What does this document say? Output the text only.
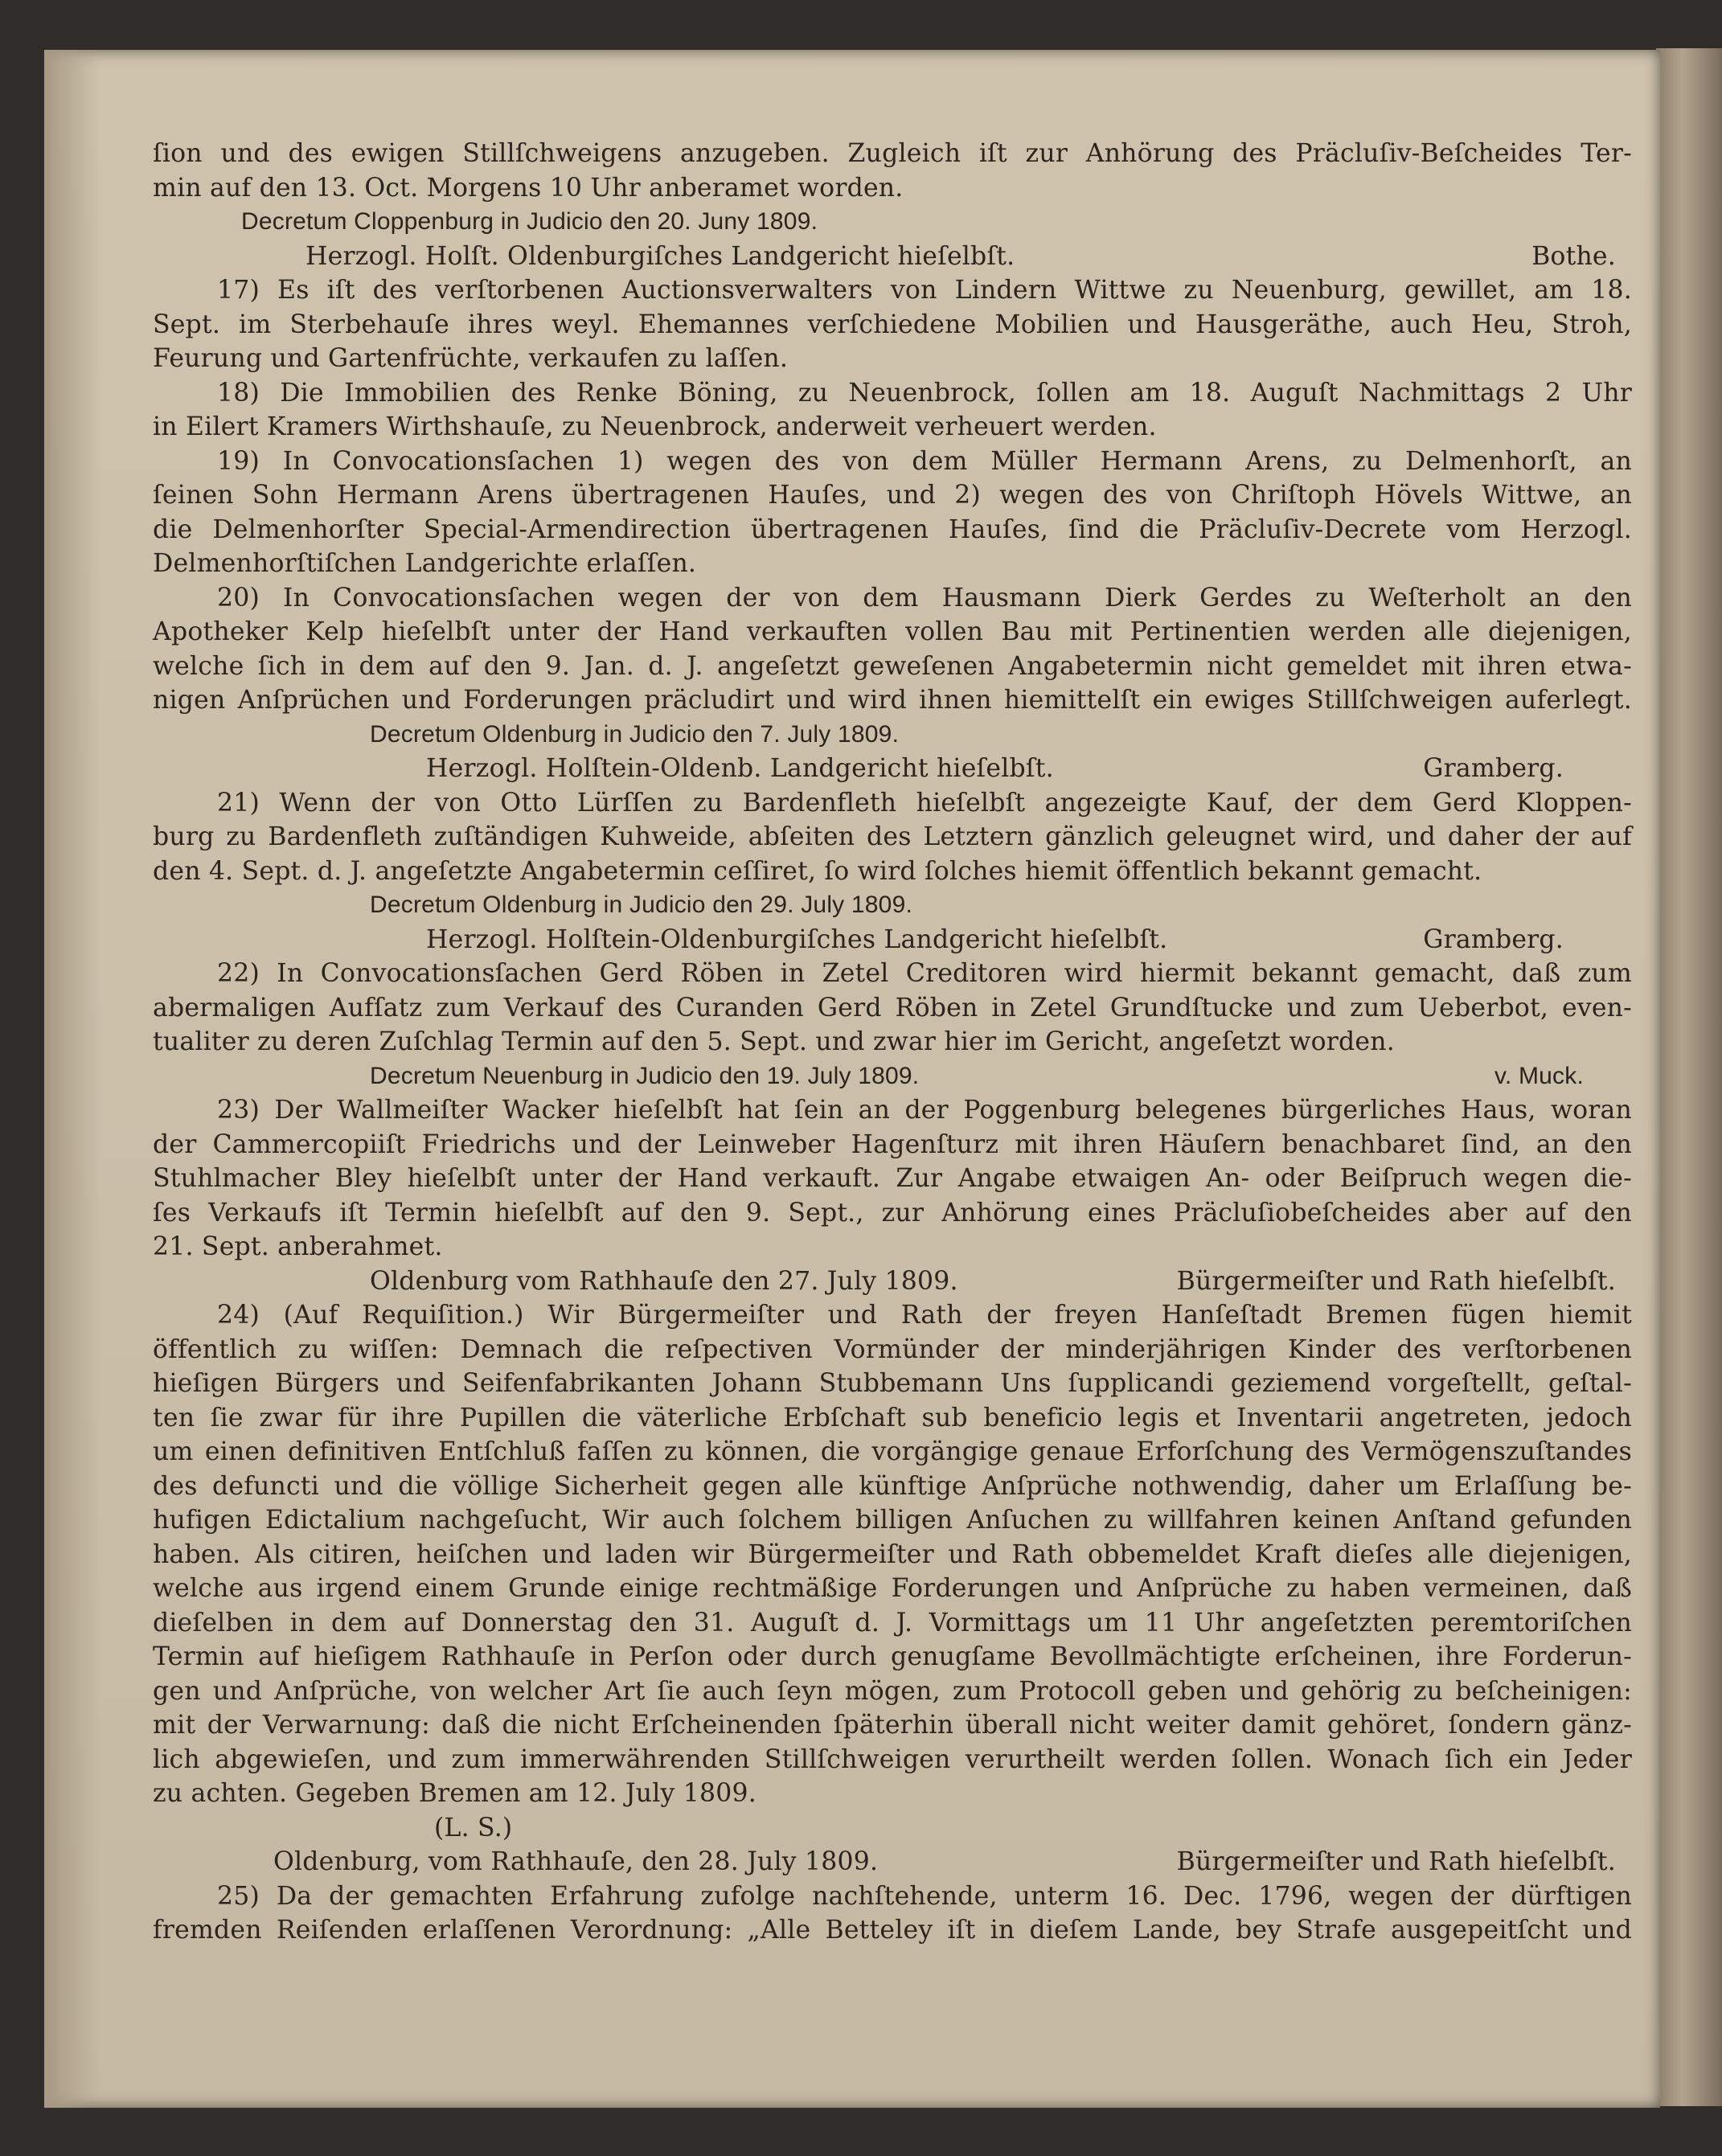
ſion und des ewigen Stillſchweigens anzugeben. Zugleich iſt zur Anhörung des Präcluſiv-Beſcheides Ter-
min auf den 13. Oct. Morgens 10 Uhr anberamet worden.
Decretum Cloppenburg in Judicio den 20. Juny 1809.
Herzogl. Holſt. Oldenburgiſches Landgericht hieſelbſt.	Bothe.
17) Es iſt des verſtorbenen Auctionsverwalters von Lindern Wittwe zu Neuenburg, gewillet, am 18.
Sept. im Sterbehauſe ihres weyl. Ehemannes verſchiedene Mobilien und Hausgeräthe, auch Heu, Stroh,
Feurung und Gartenfrüchte, verkaufen zu laſſen.
18) Die Immobilien des Renke Böning, zu Neuenbrock, ſollen am 18. Auguſt Nachmittags 2 Uhr
in Eilert Kramers Wirthshauſe, zu Neuenbrock, anderweit verheuert werden.
19) In Convocationsſachen 1) wegen des von dem Müller Hermann Arens, zu Delmenhorſt, an
ſeinen Sohn Hermann Arens übertragenen Hauſes, und 2) wegen des von Chriſtoph Hövels Wittwe, an
die Delmenhorſter Special-Armendirection übertragenen Hauſes, ſind die Präcluſiv-Decrete vom Herzogl.
Delmenhorſtiſchen Landgerichte erlaſſen.
20) In Convocationsſachen wegen der von dem Hausmann Dierk Gerdes zu Weſterholt an den
Apotheker Kelp hieſelbſt unter der Hand verkauften vollen Bau mit Pertinentien werden alle diejenigen,
welche ſich in dem auf den 9. Jan. d. J. angeſetzt geweſenen Angabetermin nicht gemeldet mit ihren etwa-
nigen Anſprüchen und Forderungen präcludirt und wird ihnen hiemittelſt ein ewiges Stillſchweigen auferlegt.
Decretum Oldenburg in Judicio den 7. July 1809.
Herzogl. Holſtein-Oldenb. Landgericht hieſelbſt.	Gramberg.
21) Wenn der von Otto Lürſſen zu Bardenfleth hieſelbſt angezeigte Kauf, der dem Gerd Kloppen-
burg zu Bardenfleth zuſtändigen Kuhweide, abſeiten des Letztern gänzlich geleugnet wird, und daher der auf
den 4. Sept. d. J. angeſetzte Angabetermin ceſſiret, ſo wird ſolches hiemit öffentlich bekannt gemacht.
Decretum Oldenburg in Judicio den 29. July 1809.
Herzogl. Holſtein-Oldenburgiſches Landgericht hieſelbſt.	Gramberg.
22) In Convocationsſachen Gerd Röben in Zetel Creditoren wird hiermit bekannt gemacht, daß zum
abermaligen Aufſatz zum Verkauf des Curanden Gerd Röben in Zetel Grundſtucke und zum Ueberbot, even-
tualiter zu deren Zuſchlag Termin auf den 5. Sept. und zwar hier im Gericht, angeſetzt worden.
Decretum Neuenburg in Judicio den 19. July 1809.	v. Muck.
23) Der Wallmeiſter Wacker hieſelbſt hat ſein an der Poggenburg belegenes bürgerliches Haus, woran
der Cammercopiiſt Friedrichs und der Leinweber Hagenſturz mit ihren Häuſern benachbaret ſind, an den
Stuhlmacher Bley hieſelbſt unter der Hand verkauft. Zur Angabe etwaigen An- oder Beiſpruch wegen die-
ſes Verkaufs iſt Termin hieſelbſt auf den 9. Sept., zur Anhörung eines Präcluſiobeſcheides aber auf den
21. Sept. anberahmet.
Oldenburg vom Rathhauſe den 27. July 1809.	Bürgermeiſter und Rath hieſelbſt.
24) (Auf Requiſition.) Wir Bürgermeiſter und Rath der freyen Hanſeſtadt Bremen fügen hiemit
öffentlich zu wiſſen: Demnach die reſpectiven Vormünder der minderjährigen Kinder des verſtorbenen
hieſigen Bürgers und Seifenfabrikanten Johann Stubbemann Uns ſupplicandi geziemend vorgeſtellt, geſtal-
ten ſie zwar für ihre Pupillen die väterliche Erbſchaft sub beneficio legis et Inventarii angetreten, jedoch
um einen definitiven Entſchluß faſſen zu können, die vorgängige genaue Erforſchung des Vermögenszuſtandes
des defuncti und die völlige Sicherheit gegen alle künftige Anſprüche nothwendig, daher um Erlaſſung be-
hufigen Edictalium nachgeſucht, Wir auch ſolchem billigen Anſuchen zu willfahren keinen Anſtand gefunden
haben. Als citiren, heiſchen und laden wir Bürgermeiſter und Rath obbemeldet Kraft dieſes alle diejenigen,
welche aus irgend einem Grunde einige rechtmäßige Forderungen und Anſprüche zu haben vermeinen, daß
dieſelben in dem auf Donnerstag den 31. Auguſt d. J. Vormittags um 11 Uhr angeſetzten peremtoriſchen
Termin auf hieſigem Rathhauſe in Perſon oder durch genugſame Bevollmächtigte erſcheinen, ihre Forderun-
gen und Anſprüche, von welcher Art ſie auch ſeyn mögen, zum Protocoll geben und gehörig zu beſcheinigen:
mit der Verwarnung: daß die nicht Erſcheinenden ſpäterhin überall nicht weiter damit gehöret, ſondern gänz-
lich abgewieſen, und zum immerwährenden Stillſchweigen verurtheilt werden ſollen. Wonach ſich ein Jeder
zu achten. Gegeben Bremen am 12. July 1809.
(L. S.)
Oldenburg, vom Rathhauſe, den 28. July 1809.	Bürgermeiſter und Rath hieſelbſt.
25) Da der gemachten Erfahrung zufolge nachſtehende, unterm 16. Dec. 1796, wegen der dürftigen
fremden Reiſenden erlaſſenen Verordnung: „Alle Betteley iſt in dieſem Lande, bey Strafe ausgepeitſcht und
